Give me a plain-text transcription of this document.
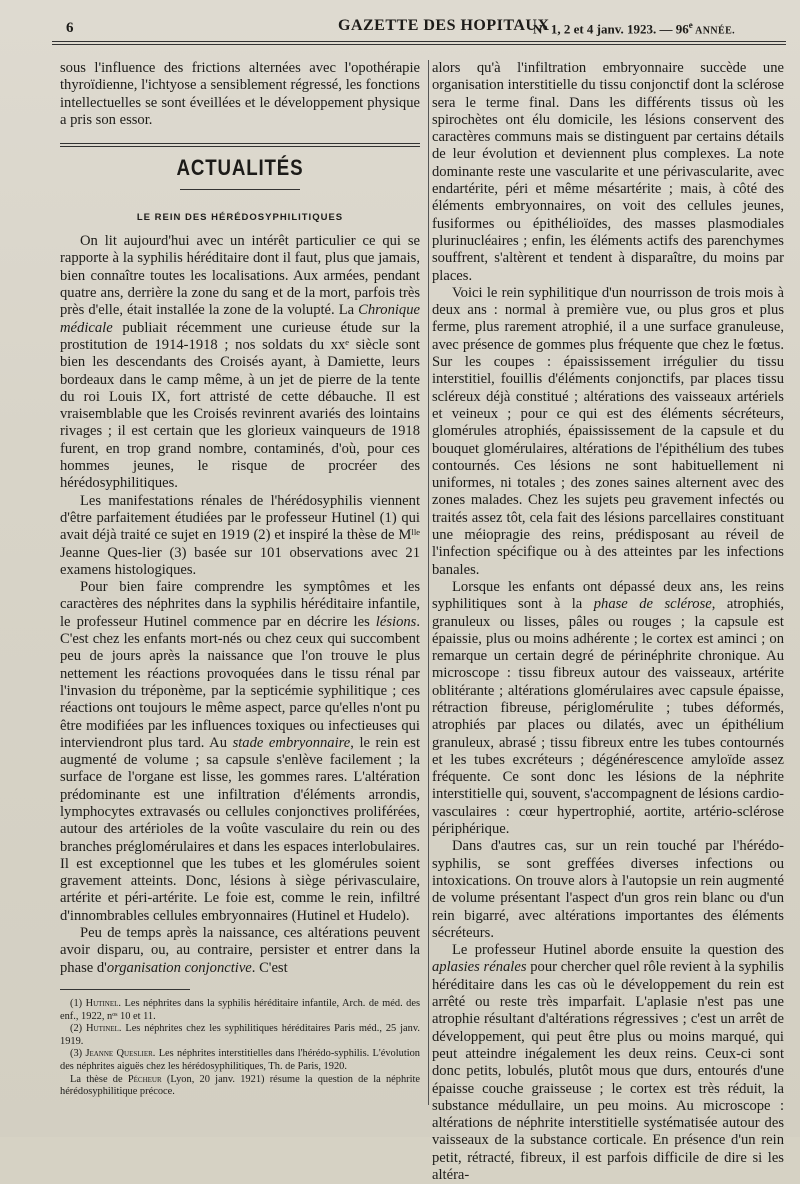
6	GAZETTE DES HOPITAUX
N° 1, 2 et 4 janv. 1923. — 96e ANNÉE.

sous l'influence des frictions alternées avec l'opothérapie thyroïdienne, l'ichtyose a sensiblement régressé, les fonctions intellectuelles se sont éveillées et le développement physique a pris son essor.

ACTUALITÉS
LE REIN DES HÉRÉDOSYPHILITIQUES

On lit aujourd'hui avec un intérêt particulier ce qui se rapporte à la syphilis héréditaire dont il faut, plus que jamais, bien connaître toutes les localisations. Aux armées, pendant quatre ans, derrière la zone du sang et de la mort, parfois très près d'elle, était installée la zone de la volupté. La Chronique médicale publiait récemment une curieuse étude sur la prostitution de 1914-1918 ; nos soldats du xxᵉ siècle sont bien les descendants des Croisés ayant, à Damiette, leurs bordeaux dans le camp même, à un jet de pierre de la tente du roi Louis IX, fort attristé de cette débauche. Il est vraisemblable que les Croisés revinrent avariés des lointains rivages ; il est certain que les glorieux vainqueurs de 1918 furent, en trop grand nombre, contaminés, d'où, pour ces hommes jeunes, le risque de procréer des hérédosyphilitiques.

Les manifestations rénales de l'hérédosyphilis viennent d'être parfaitement étudiées par le professeur Hutinel (1) qui avait déjà traité ce sujet en 1919 (2) et inspiré la thèse de Mˡˡᵉ Jeanne Ques-lier (3) basée sur 101 observations avec 21 examens histologiques.

Pour bien faire comprendre les symptômes et les caractères des néphrites dans la syphilis héréditaire infantile, le professeur Hutinel commence par en décrire les lésions. C'est chez les enfants mort-nés ou chez ceux qui succombent peu de jours après la naissance que l'on trouve le plus nettement les réactions provoquées dans le tissu rénal par l'invasion du tréponème, par la septicémie syphilitique ; ces réactions ont toujours le même aspect, parce qu'elles n'ont pu être modifiées par les influences toxiques ou infectieuses qui interviendront plus tard. Au stade embryonnaire, le rein est augmenté de volume ; sa capsule s'enlève facilement ; la surface de l'organe est lisse, les gommes rares. L'altération prédominante est une infiltration d'éléments arrondis, lymphocytes extravasés ou cellules conjonctives proliférées, autour des artérioles de la voûte vasculaire du rein ou des branches préglomérulaires et dans les espaces interlobulaires. Il est exceptionnel que les tubes et les glomérules soient gravement atteints. Donc, lésions à siège périvasculaire, artérite et péri-artérite. Le foie est, comme le rein, infiltré d'innombrables cellules embryonnaires (Hutinel et Hudelo).

Peu de temps après la naissance, ces altérations peuvent avoir disparu, ou, au contraire, persister et entrer dans la phase d'organisation conjonctive. C'est

(1) Hutinel. Les néphrites dans la syphilis héréditaire infantile, Arch. de méd. des enf., 1922, nᵒˢ 10 et 11.

(2) Hutinel. Les néphrites chez les syphilitiques héréditaires Paris méd., 25 janv. 1919.

(3) Jeanne Queslier. Les néphrites interstitielles dans l'hérédo-syphilis. L'évolution des néphrites aiguës chez les hérédosyphilitiques, Th. de Paris, 1920.

La thèse de Pécheur (Lyon, 20 janv. 1921) résume la question de la néphrite hérédosyphilitique précoce.

alors qu'à l'infiltration embryonnaire succède une organisation interstitielle du tissu conjonctif dont la sclérose sera le terme final. Dans les différents tissus où les spirochètes ont élu domicile, les lésions conservent des caractères communs mais se distinguent par certains détails de leur évolution et deviennent plus complexes. La note dominante reste une vascularite et une périvascularite, avec endartérite, péri et même mésartérite ; mais, à côté des éléments embryonnaires, on voit des cellules jeunes, fusiformes ou épithélioïdes, des masses plasmodiales plurinucléaires ; enfin, les éléments actifs des parenchymes souffrent, s'altèrent et tendent à disparaître, du moins par places.

Voici le rein syphilitique d'un nourrisson de trois mois à deux ans : normal à première vue, ou plus gros et plus ferme, plus rarement atrophié, il a une surface granuleuse, avec présence de gommes plus fréquente que chez le fœtus. Sur les coupes : épaississement irrégulier du tissu interstitiel, fouillis d'éléments conjonctifs, par places tissu scléreux déjà constitué ; altérations des vaisseaux artériels et veineux ; pour ce qui est des éléments sécréteurs, glomérules atrophiés, épaississement de la capsule et du bouquet glomérulaires, altérations de l'épithélium des tubes contournés. Ces lésions ne sont habituellement ni uniformes, ni totales ; des zones saines alternent avec des zones malades. Chez les sujets peu gravement infectés ou traités assez tôt, cela fait des lésions parcellaires constituant une méiopragie des reins, prédisposant au réveil de l'infection spécifique ou à des atteintes par les infections banales.

Lorsque les enfants ont dépassé deux ans, les reins syphilitiques sont à la phase de sclérose, atrophiés, granuleux ou lisses, pâles ou rouges ; la capsule est épaissie, plus ou moins adhérente ; le cortex est aminci ; on remarque un certain degré de périnéphrite chronique. Au microscope : tissu fibreux autour des vaisseaux, artérite oblitérante ; altérations glomérulaires avec capsule épaisse, rétraction fibreuse, périglomérulite ; tubes déformés, atrophiés par places ou dilatés, avec un épithélium granuleux, abrasé ; tissu fibreux entre les tubes contournés et les tubes excréteurs ; dégénérescence amyloïde assez fréquente. Ce sont donc les lésions de la néphrite interstitielle qui, souvent, s'accompagnent de lésions cardio-vasculaires : cœur hypertrophié, aortite, artério-sclérose périphérique.

Dans d'autres cas, sur un rein touché par l'hérédo-syphilis, se sont greffées diverses infections ou intoxications. On trouve alors à l'autopsie un rein augmenté de volume présentant l'aspect d'un gros rein blanc ou d'un rein bigarré, avec altérations importantes des éléments sécréteurs.

Le professeur Hutinel aborde ensuite la question des aplasies rénales pour chercher quel rôle revient à la syphilis héréditaire dans les cas où le développement du rein est arrêté ou reste très imparfait. L'aplasie n'est pas une atrophie résultant d'altérations régressives ; c'est un arrêt de développement, qui peut être plus ou moins marqué, qui peut atteindre inégalement les deux reins. Ceux-ci sont donc petits, lobulés, plutôt mous que durs, entourés d'une épaisse couche graisseuse ; le cortex est très réduit, la substance médullaire, un peu moins. Au microscope : altérations de néphrite interstitielle systématisée autour des vaisseaux de la substance corticale. En présence d'un rein petit, rétracté, fibreux, il est parfois difficile de dire si les altéra-
